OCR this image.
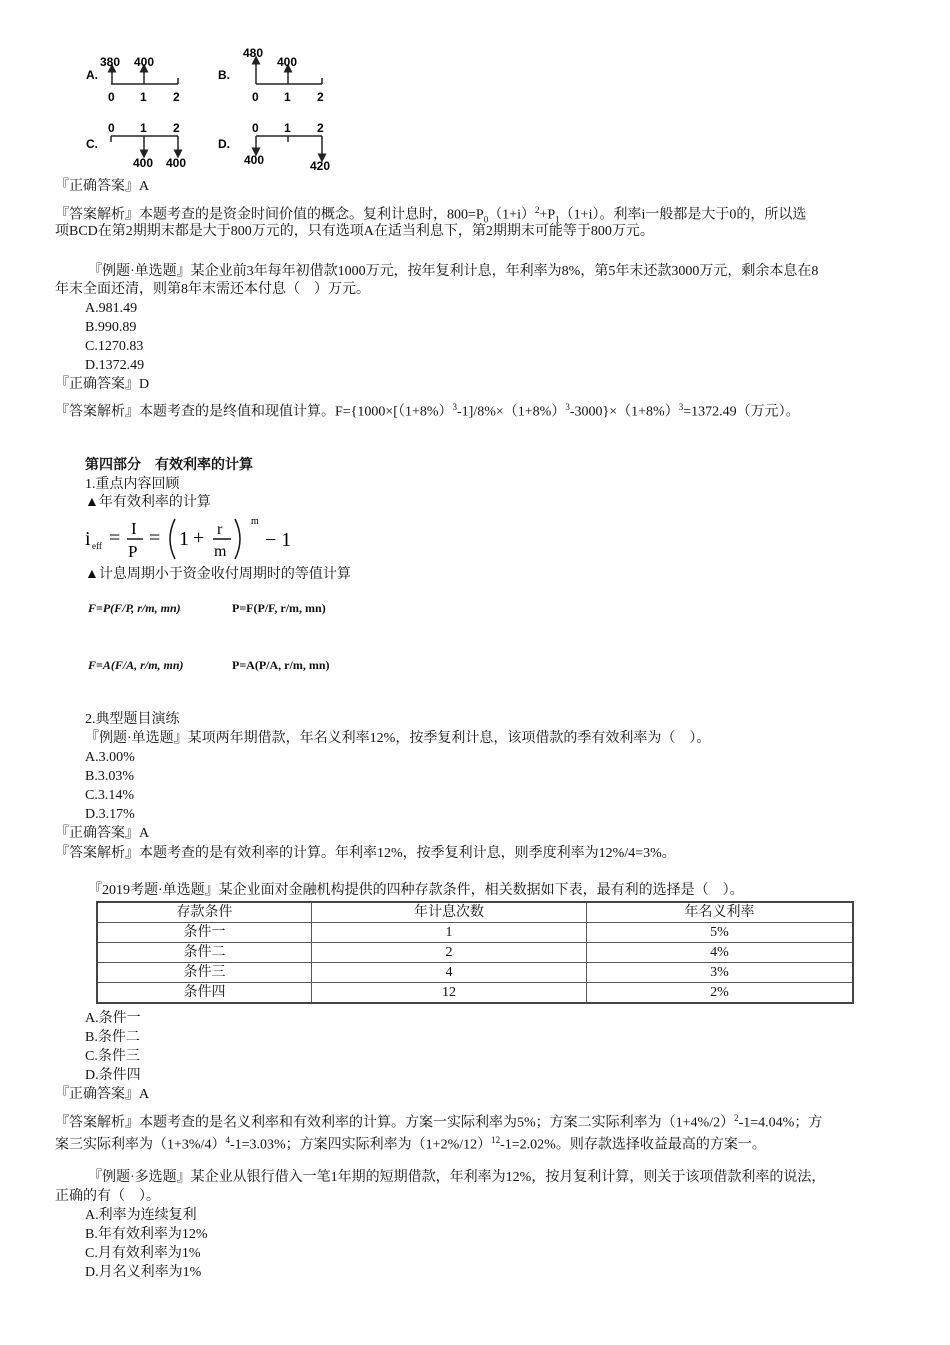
A.
380 400
0 1 2
B.
480
400
0 1 2
C.
0 1 2
400 400
D.
0 1 2
400	420
『正确答案』A
『答案解析』本题考查的是资金时间价值的概念。复利计息时，$800=P_0(1+i)^2+P_1(1+i)$。利率i一般都是大于0的，所以选
项BCD在第2期期末都是大于800万元的，只有选项A在适当利息下，第2期期末可能等于800万元。
『例题·单选题』某企业前3年每年初借款1000万元，按年复利计息，年利率为8%，第5年末还款3000万元，剩余本息在8
年末全面还清，则第8年末需还本付息（　）万元。
A.981.49
B.990.89
C.1270.83
D.1372.49
『正确答案』D
『答案解析』本题考查的是终值和现值计算。$F=\{1000\times[(1+8\%)^3-1]/8\%\times(1+8\%)^3-3000\}\times(1+8\%)^3=1372.49$（万元）。
第四部分　有效利率的计算
1.重点内容回顾
▲年有效利率的计算
i eff = I
P
= 1 + r
m
m
− 1
▲计息周期小于资金收付周期时的等值计算
F=P(F/P, r/m, mn)	P=F(P/F, r/m, mn)
F=A(F/A, r/m, mn)	P=A(P/A, r/m, mn)
2.典型题目演练
『例题·单选题』某项两年期借款，年名义利率12%，按季复利计息，该项借款的季有效利率为（　）。
A.3.00%
B.3.03%
C.3.14%
D.3.17%
『正确答案』A
『答案解析』本题考查的是有效利率的计算。年利率12%，按季复利计息，则季度利率为12%/4=3%。
『2019考题·单选题』某企业面对金融机构提供的四种存款条件，相关数据如下表，最有利的选择是（　）。
存款条件	年计息次数	年名义利率
条件一	1	5%
条件二	2	4%
条件三	4	3%
条件四	12	2%
A.条件一
B.条件二
C.条件三
D.条件四
『正确答案』A
『答案解析』本题考查的是名义利率和有效利率的计算。方案一实际利率为5%；方案二实际利率为$(1+4\%/2)^2-1=4.04\%$；方
案三实际利率为$(1+3\%/4)^4-1=3.03\%$；方案四实际利率为$(1+2\%/12)^{12}-1=2.02\%$。则存款选择收益最高的方案一。
『例题·多选题』某企业从银行借入一笔1年期的短期借款，年利率为12%，按月复利计算，则关于该项借款利率的说法，
正确的有（　）。
A.利率为连续复利
B.年有效利率为12%
C.月有效利率为1%
D.月名义利率为1%
